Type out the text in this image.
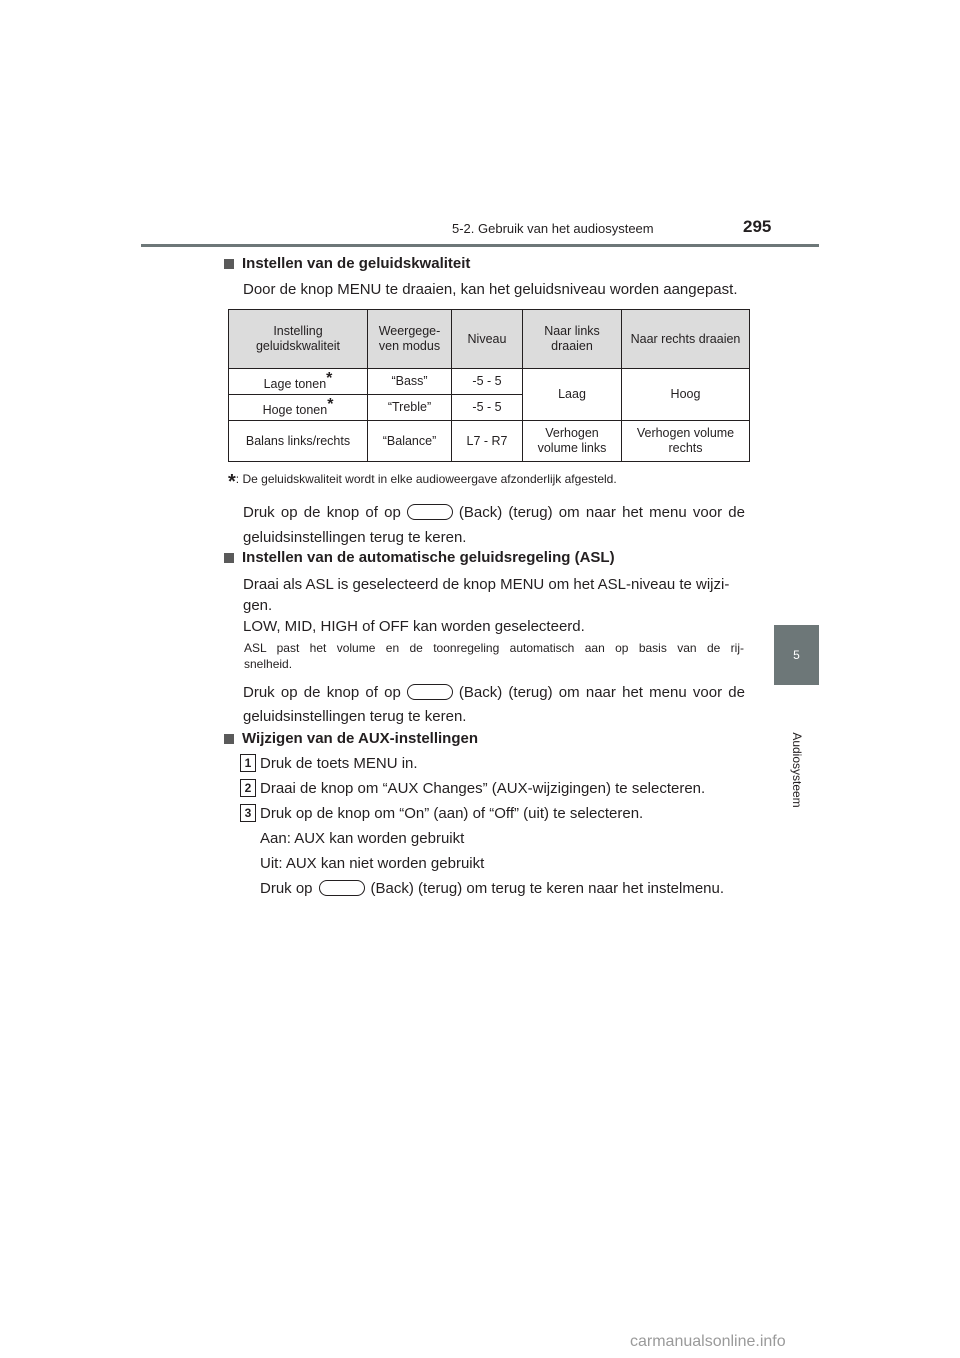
5-2. Gebruik van het audiosysteem	295
5
Audiosysteem
Instellen van de geluidskwaliteit
Door de knop MENU te draaien, kan het geluidsniveau worden aangepast.
Instelling geluidskwaliteit	Weergege- ven modus	Niveau	Naar links draaien	Naar rechts draaien
Lage tonen*	“Bass”	-5 - 5	Laag	Hoog
Hoge tonen*	“Treble”	-5 - 5		
Balans links/rechts	“Balance”	L7 - R7	Verhogen volume links	Verhogen volume rechts
*: De geluidskwaliteit wordt in elke audioweergave afzonderlijk afgesteld.
Druk op de knop of op	(Back) (terug) om naar het menu voor de
geluidsinstellingen terug te keren.
Instellen van de automatische geluidsregeling (ASL)
Draai als ASL is geselecteerd de knop MENU om het ASL-niveau te wijzi-
gen.
LOW, MID, HIGH of OFF kan worden geselecteerd.
ASL past het volume en de toonregeling automatisch aan op basis van de rij-
snelheid.
Druk op de knop of op	(Back) (terug) om naar het menu voor de
geluidsinstellingen terug te keren.
Wijzigen van de AUX-instellingen
1 Druk de toets MENU in.
2 Draai de knop om “AUX Changes” (AUX-wijzigingen) te selecteren.
3 Druk op de knop om “On” (aan) of “Off” (uit) te selecteren.
Aan: AUX kan worden gebruikt
Uit: AUX kan niet worden gebruikt
Druk op	(Back) (terug) om terug te keren naar het instelmenu.
carmanualsonline.info
